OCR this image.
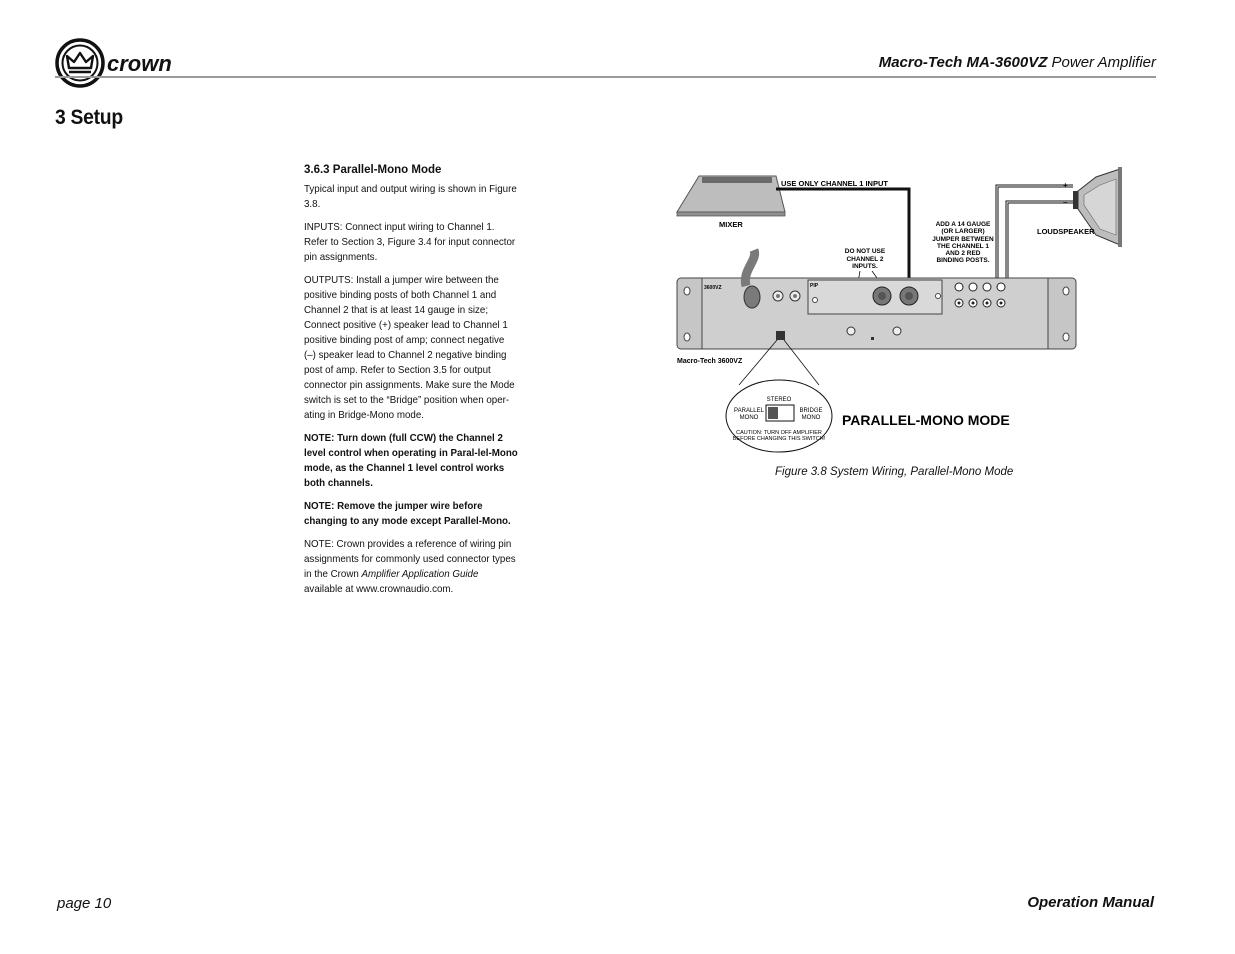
crown	Macro-Tech MA-3600VZ Power Amplifier
3 Setup
3.6.3 Parallel-Mono Mode

Typical input and output wiring is shown in Figure 3.8.

INPUTS: Connect input wiring to Channel 1. Refer to Section 3, Figure 3.4 for input connector pin assignments.

OUTPUTS: Install a jumper wire between the positive binding posts of both Channel 1 and Channel 2 that is at least 14 gauge in size; Connect positive (+) speaker lead to Channel 1 positive binding post of amp; connect negative (–) speaker lead to Channel 2 negative binding post of amp. Refer to Section 3.5 for output connector pin assignments. Make sure the Mode switch is set to the “Bridge” position when oper-ating in Bridge-Mono mode.

NOTE: Turn down (full CCW) the Channel 2 level control when operating in Paral-lel-Mono mode, as the Channel 1 level control works both channels.

NOTE: Remove the jumper wire before changing to any mode except Parallel-Mono.

NOTE: Crown provides a reference of wiring pin assignments for commonly used connector types in the Crown Amplifier Application Guide available at www.crownaudio.com.

MIXER
USE ONLY CHANNEL 1 INPUT	+
–
LOUDSPEAKER
ADD A 14 GAUGE
(OR LARGER)
JUMPER BETWEEN
THE CHANNEL 1
AND 2 RED
BINDING POSTS.
DO NOT USE
CHANNEL 2
INPUTS.
3600VZ	PIP
Macro-Tech 3600VZ
STEREO
PARALLEL
MONO
BRIDGE
MONO
CAUTION: TURN OFF AMPLIFIER
BEFORE CHANGING THIS SWITCH!
PARALLEL-MONO MODE
Figure 3.8 System Wiring, Parallel-Mono Mode
page 10	Operation Manual
